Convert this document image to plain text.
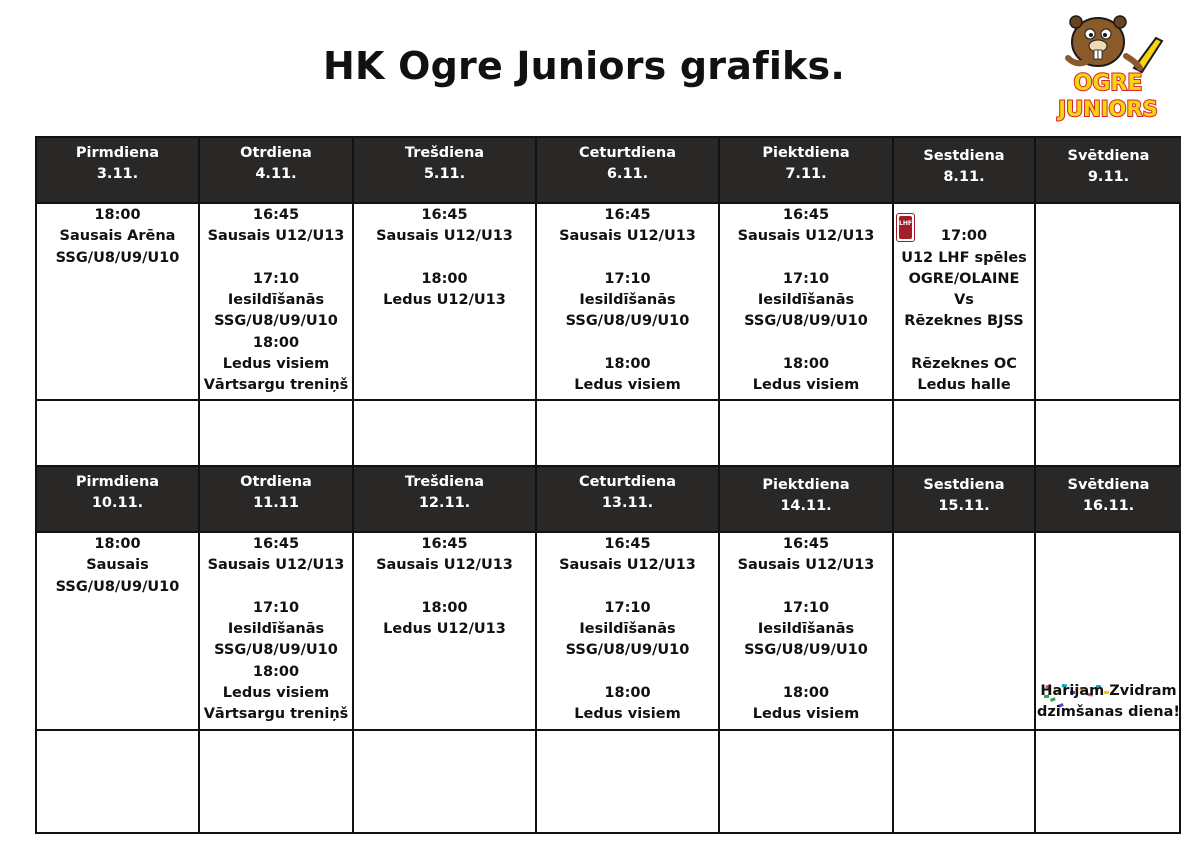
HK Ogre Juniors grafiks.	OGRE
JUNIORS
Pirmdiena
3.11.
Otrdiena
4.11.
Trešdiena
5.11.
Ceturtdiena
6.11.
Piektdiena
7.11.
Sestdiena
8.11.
Svētdiena
9.11.
18:00
Sausais Arēna
SSG/U8/U9/U10
16:45
Sausais U12/U13
17:10
Iesildīšanās
SSG/U8/U9/U10
18:00
Ledus visiem
Vārtsargu treniņš
16:45
Sausais U12/U13
18:00
Ledus U12/U13
16:45
Sausais U12/U13
17:10
Iesildīšanās
SSG/U8/U9/U10
18:00
Ledus visiem
16:45
Sausais U12/U13
17:10
Iesildīšanās
SSG/U8/U9/U10
18:00
Ledus visiem
17:00
U12 LHF spēles
OGRE/OLAINE
Vs
Rēzeknes BJSS
Rēzeknes OC
Ledus halle
LHF
Pirmdiena
10.11.
Otrdiena
11.11
Trešdiena
12.11.
Ceturtdiena
13.11.
Piektdiena
14.11.
Sestdiena
15.11.
Svētdiena
16.11.
18:00
Sausais
SSG/U8/U9/U10
16:45
Sausais U12/U13
17:10
Iesildīšanās
SSG/U8/U9/U10
18:00
Ledus visiem
Vārtsargu treniņš
16:45
Sausais U12/U13
18:00
Ledus U12/U13
16:45
Sausais U12/U13
17:10
Iesildīšanās
SSG/U8/U9/U10
18:00
Ledus visiem
16:45
Sausais U12/U13
17:10
Iesildīšanās
SSG/U8/U9/U10
18:00
Ledus visiem
Harijam Zvidram
dzimšanas diena!
